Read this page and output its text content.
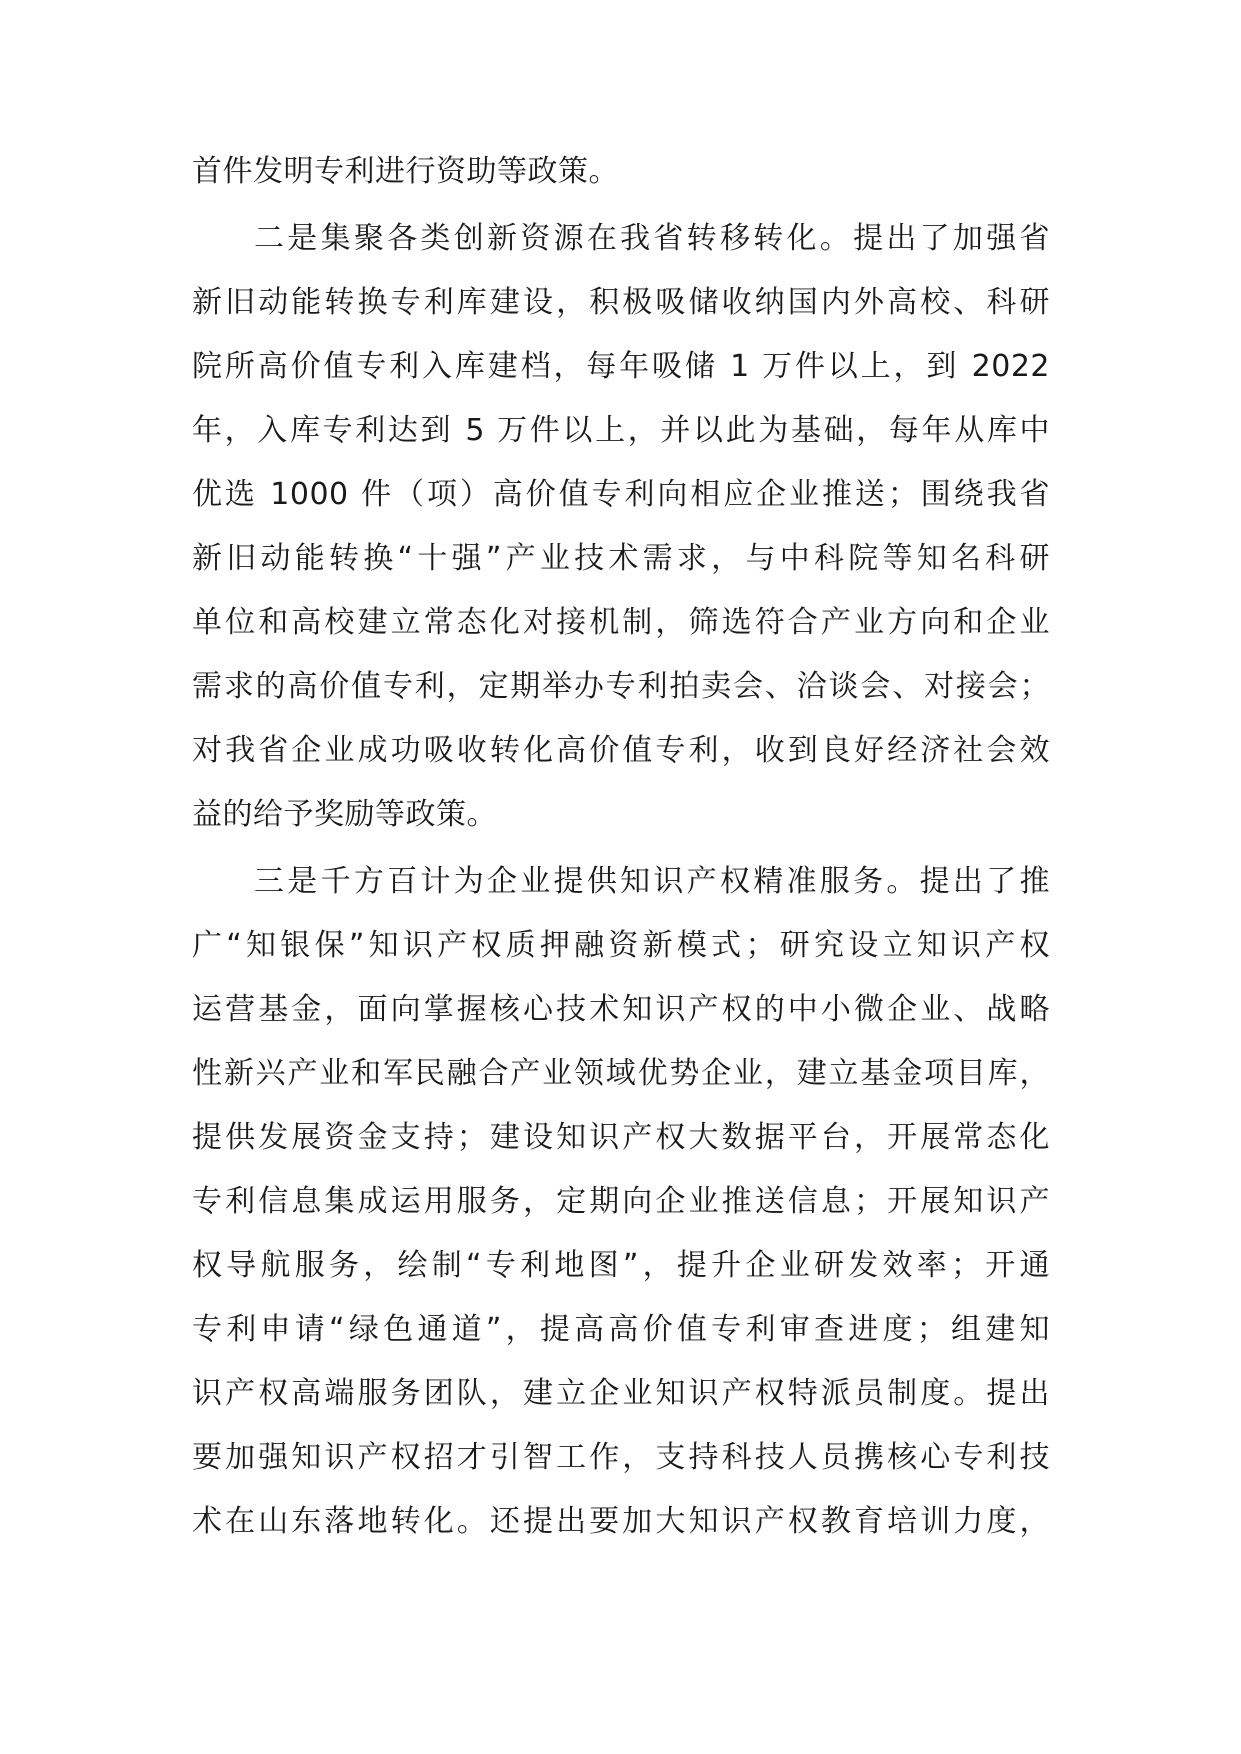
首件发明专利进行资助等政策。
二是集聚各类创新资源在我省转移转化。提出了加强省
新旧动能转换专利库建设，积极吸储收纳国内外高校、科研
院所高价值专利入库建档，每年吸储 1 万件以上，到 2022
年，入库专利达到 5 万件以上，并以此为基础，每年从库中
优选 1000 件（项）高价值专利向相应企业推送；围绕我省
新旧动能转换“十强”产业技术需求，与中科院等知名科研
单位和高校建立常态化对接机制，筛选符合产业方向和企业
需求的高价值专利，定期举办专利拍卖会、洽谈会、对接会；
对我省企业成功吸收转化高价值专利，收到良好经济社会效
益的给予奖励等政策。
三是千方百计为企业提供知识产权精准服务。提出了推
广“知银保”知识产权质押融资新模式；研究设立知识产权
运营基金，面向掌握核心技术知识产权的中小微企业、战略
性新兴产业和军民融合产业领域优势企业，建立基金项目库，
提供发展资金支持；建设知识产权大数据平台，开展常态化
专利信息集成运用服务，定期向企业推送信息；开展知识产
权导航服务，绘制“专利地图”，提升企业研发效率；开通
专利申请“绿色通道”，提高高价值专利审查进度；组建知
识产权高端服务团队，建立企业知识产权特派员制度。提出
要加强知识产权招才引智工作，支持科技人员携核心专利技
术在山东落地转化。还提出要加大知识产权教育培训力度，
